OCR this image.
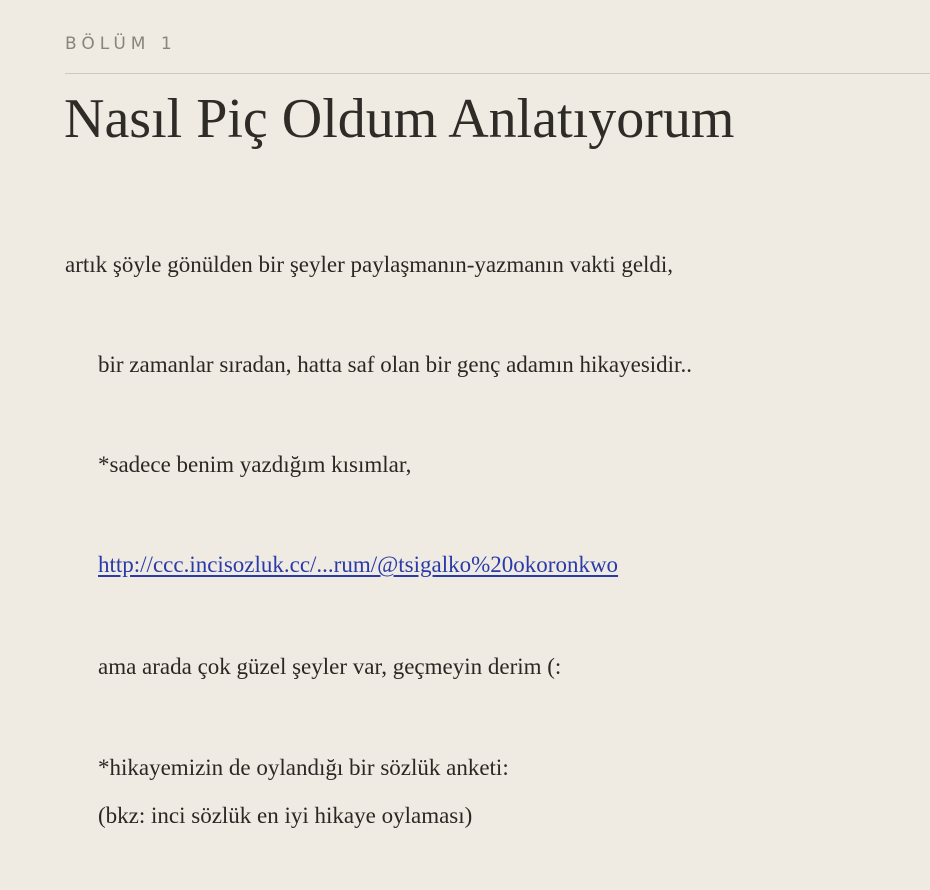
BÖLÜM 1
Nasıl Piç Oldum Anlatıyorum

artık şöyle gönülden bir şeyler paylaşmanın-yazmanın vakti geldi,

bir zamanlar sıradan, hatta saf olan bir genç adamın hikayesidir..

*sadece benim yazdığım kısımlar,

http://ccc.incisozluk.cc/...rum/@tsigalko%20okoronkwo

ama arada çok güzel şeyler var, geçmeyin derim (:

*hikayemizin de oylandığı bir sözlük anketi:

(bkz: inci sözlük en iyi hikaye oylaması)
